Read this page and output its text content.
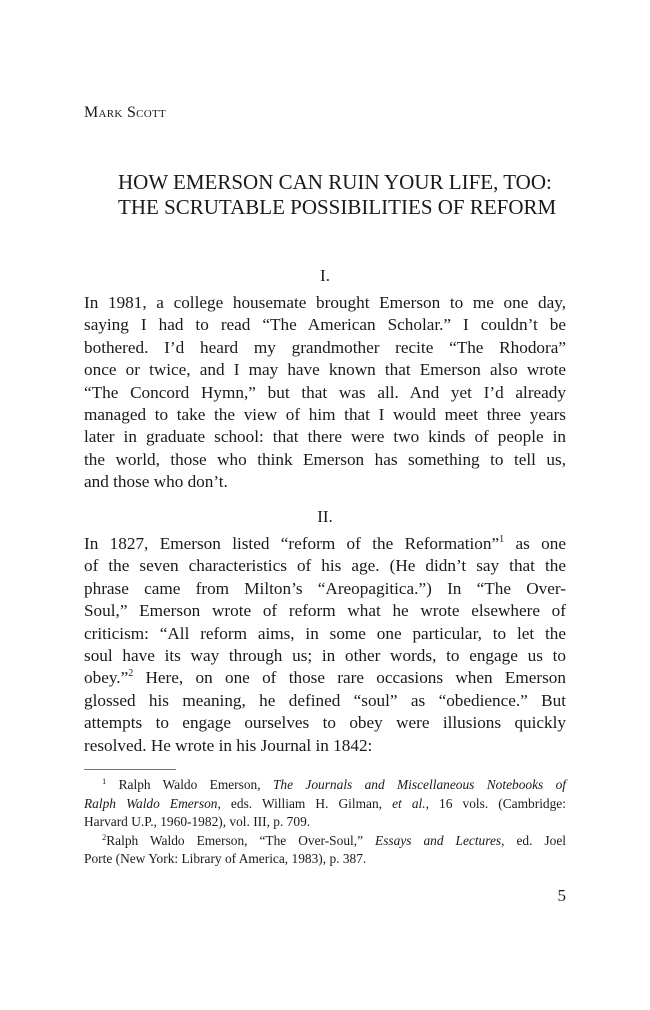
Mark Scott
HOW EMERSON CAN RUIN YOUR LIFE, TOO:
THE SCRUTABLE POSSIBILITIES OF REFORM
I.

In 1981, a college housemate brought Emerson to me one day,
saying I had to read “The American Scholar.” I couldn’t be
bothered. I’d heard my grandmother recite “The Rhodora”
once or twice, and I may have known that Emerson also wrote
“The Concord Hymn,” but that was all. And yet I’d already
managed to take the view of him that I would meet three years
later in graduate school: that there were two kinds of people in
the world, those who think Emerson has something to tell us,
and those who don’t.

II.

In 1827, Emerson listed “reform of the Reformation”$^1$ as one
of the seven characteristics of his age. (He didn’t say that the
phrase came from Milton’s “Areopagitica.”) In “The Over-
Soul,” Emerson wrote of reform what he wrote elsewhere of
criticism: “All reform aims, in some one particular, to let the
soul have its way through us; in other words, to engage us to
obey.”$^2$ Here, on one of those rare occasions when Emerson
glossed his meaning, he defined “soul” as “obedience.” But
attempts to engage ourselves to obey were illusions quickly
resolved. He wrote in his Journal in 1842:

$^1$ Ralph Waldo Emerson, The Journals and Miscellaneous Notebooks of
Ralph Waldo Emerson, eds. William H. Gilman, et al., 16 vols. (Cambridge:
Harvard U.P., 1960-1982), vol. III, p. 709.
$^2$Ralph Waldo Emerson, “The Over-Soul,” Essays and Lectures, ed. Joel
Porte (New York: Library of America, 1983), p. 387.

5
